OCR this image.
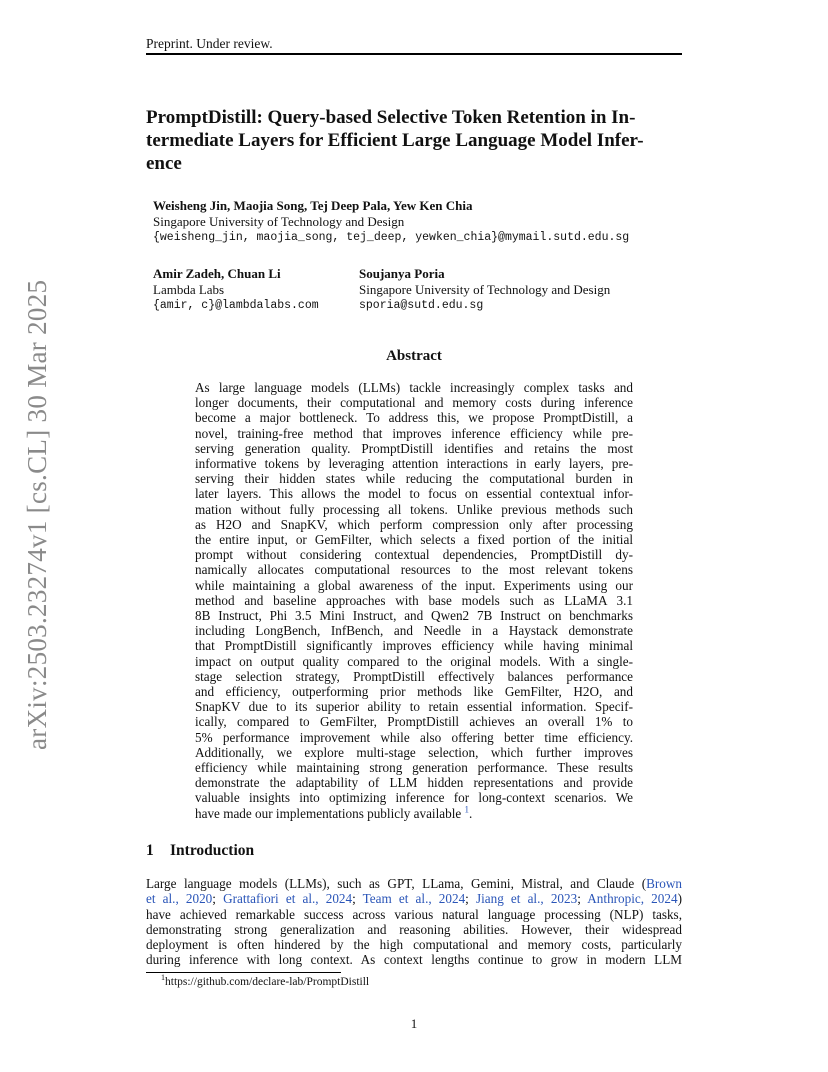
Preprint. Under review.
arXiv:2503.23274v1 [cs.CL] 30 Mar 2025
PromptDistill: Query-based Selective Token Retention in In-
termediate Layers for Efficient Large Language Model Infer-
ence
Weisheng Jin, Maojia Song, Tej Deep Pala, Yew Ken Chia
Singapore University of Technology and Design
{weisheng_jin, maojia_song, tej_deep, yewken_chia}@mymail.sutd.edu.sg
Amir Zadeh, Chuan Li
Lambda Labs
{amir, c}@lambdalabs.com
Soujanya Poria
Singapore University of Technology and Design
sporia@sutd.edu.sg
Abstract
As large language models (LLMs) tackle increasingly complex tasks and
longer documents, their computational and memory costs during inference
become a major bottleneck. To address this, we propose PromptDistill, a
novel, training-free method that improves inference efficiency while pre-
serving generation quality. PromptDistill identifies and retains the most
informative tokens by leveraging attention interactions in early layers, pre-
serving their hidden states while reducing the computational burden in
later layers. This allows the model to focus on essential contextual infor-
mation without fully processing all tokens. Unlike previous methods such
as H2O and SnapKV, which perform compression only after processing
the entire input, or GemFilter, which selects a fixed portion of the initial
prompt without considering contextual dependencies, PromptDistill dy-
namically allocates computational resources to the most relevant tokens
while maintaining a global awareness of the input. Experiments using our
method and baseline approaches with base models such as LLaMA 3.1
8B Instruct, Phi 3.5 Mini Instruct, and Qwen2 7B Instruct on benchmarks
including LongBench, InfBench, and Needle in a Haystack demonstrate
that PromptDistill significantly improves efficiency while having minimal
impact on output quality compared to the original models. With a single-
stage selection strategy, PromptDistill effectively balances performance
and efficiency, outperforming prior methods like GemFilter, H2O, and
SnapKV due to its superior ability to retain essential information. Specif-
ically, compared to GemFilter, PromptDistill achieves an overall 1% to
5% performance improvement while also offering better time efficiency.
Additionally, we explore multi-stage selection, which further improves
efficiency while maintaining strong generation performance. These results
demonstrate the adaptability of LLM hidden representations and provide
valuable insights into optimizing inference for long-context scenarios. We
have made our implementations publicly available $^1$.
1 Introduction
Large language models (LLMs), such as GPT, LLama, Gemini, Mistral, and Claude (Brown
et al., 2020; Grattafiori et al., 2024; Team et al., 2024; Jiang et al., 2023; Anthropic, 2024)
have achieved remarkable success across various natural language processing (NLP) tasks,
demonstrating strong generalization and reasoning abilities. However, their widespread
deployment is often hindered by the high computational and memory costs, particularly
during inference with long context. As context lengths continue to grow in modern LLM
$^1$https://github.com/declare-lab/PromptDistill
1
